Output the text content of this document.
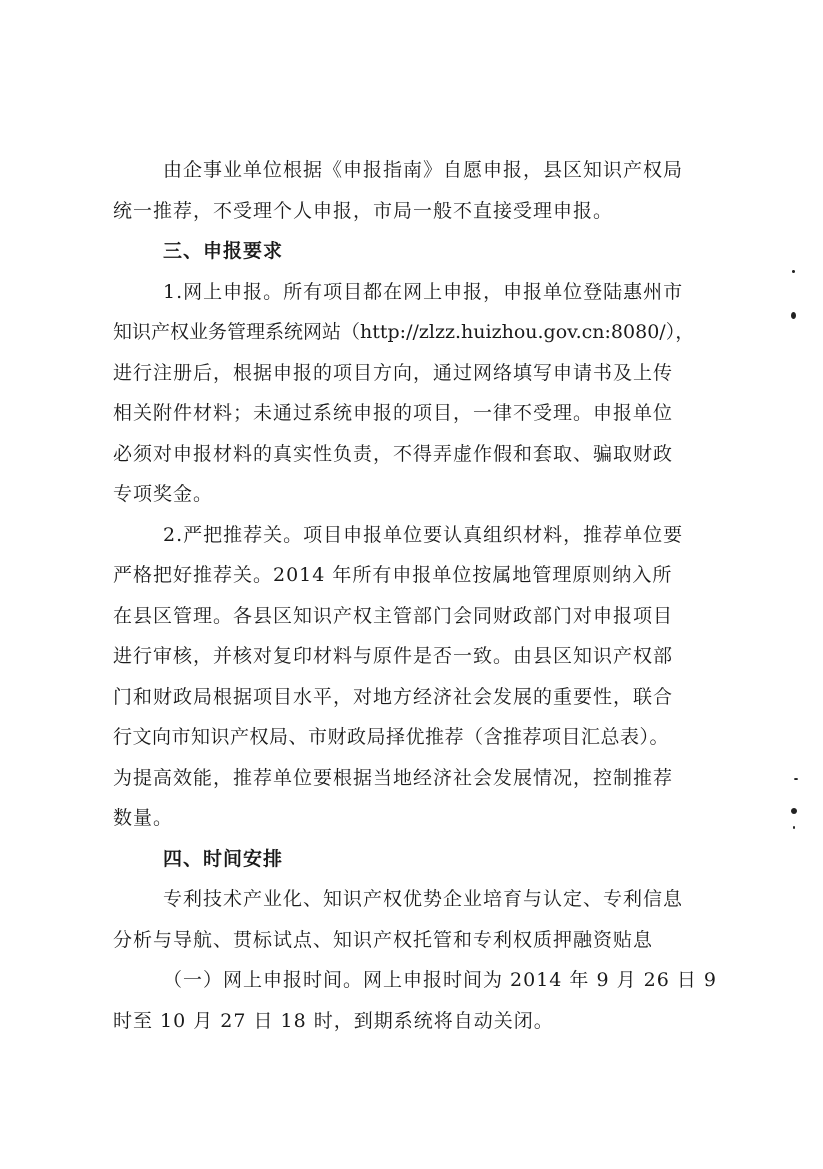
由企事业单位根据《申报指南》自愿申报，县区知识产权局
统一推荐，不受理个人申报，市局一般不直接受理申报。
三、申报要求
1.网上申报。所有项目都在网上申报，申报单位登陆惠州市
知识产权业务管理系统网站（http://zlzz.huizhou.gov.cn:8080/），
进行注册后，根据申报的项目方向，通过网络填写申请书及上传
相关附件材料；未通过系统申报的项目，一律不受理。申报单位
必须对申报材料的真实性负责，不得弄虚作假和套取、骗取财政
专项奖金。
2.严把推荐关。项目申报单位要认真组织材料，推荐单位要
严格把好推荐关。2014 年所有申报单位按属地管理原则纳入所
在县区管理。各县区知识产权主管部门会同财政部门对申报项目
进行审核，并核对复印材料与原件是否一致。由县区知识产权部
门和财政局根据项目水平，对地方经济社会发展的重要性，联合
行文向市知识产权局、市财政局择优推荐（含推荐项目汇总表）。
为提高效能，推荐单位要根据当地经济社会发展情况，控制推荐
数量。
四、时间安排
专利技术产业化、知识产权优势企业培育与认定、专利信息
分析与导航、贯标试点、知识产权托管和专利权质押融资贴息
（一）网上申报时间。网上申报时间为 2014 年 9 月 26 日 9
时至 10 月 27 日 18 时，到期系统将自动关闭。
